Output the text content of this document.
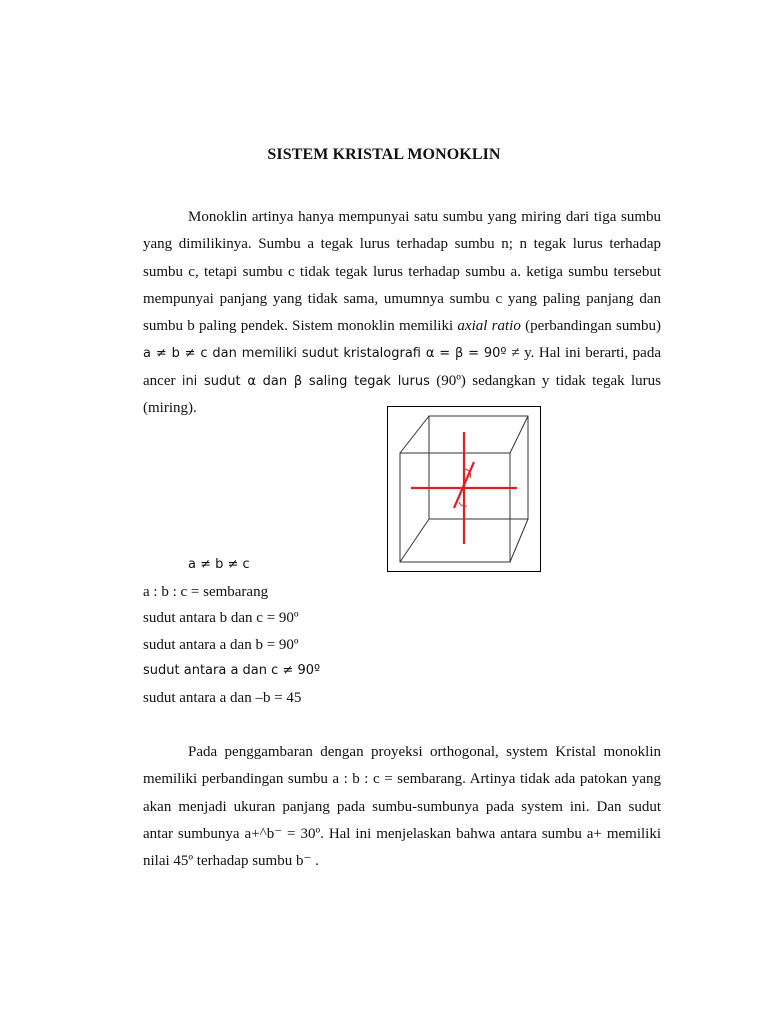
SISTEM KRISTAL MONOKLIN

Monoklin artinya hanya mempunyai satu sumbu yang miring dari tiga sumbu yang dimilikinya. Sumbu a tegak lurus terhadap sumbu n; n tegak lurus terhadap sumbu c, tetapi sumbu c tidak tegak lurus terhadap sumbu a. ketiga sumbu tersebut mempunyai panjang yang tidak sama, umumnya sumbu c yang paling panjang dan sumbu b paling pendek. Sistem monoklin memiliki axial ratio (perbandingan sumbu) a ≠ b ≠ c dan memiliki sudut kristalografi α = β = 90º ≠ y. Hal ini berarti, pada ancer ini sudut α dan β saling tegak lurus (90º) sedangkan y tidak tegak lurus (miring).

a ≠ b ≠ c
a : b : c = sembarang
sudut antara b dan c = 90º
sudut antara a dan b = 90º
sudut antara a dan c ≠ 90º
sudut antara a dan –b = 45

Pada penggambaran dengan proyeksi orthogonal, system Kristal monoklin memiliki perbandingan sumbu a : b : c = sembarang. Artinya tidak ada patokan yang akan menjadi ukuran panjang pada sumbu-sumbunya pada system ini. Dan sudut antar sumbunya a+^b⁻ = 30º. Hal ini menjelaskan bahwa antara sumbu a+ memiliki nilai 45º terhadap sumbu b⁻ .
